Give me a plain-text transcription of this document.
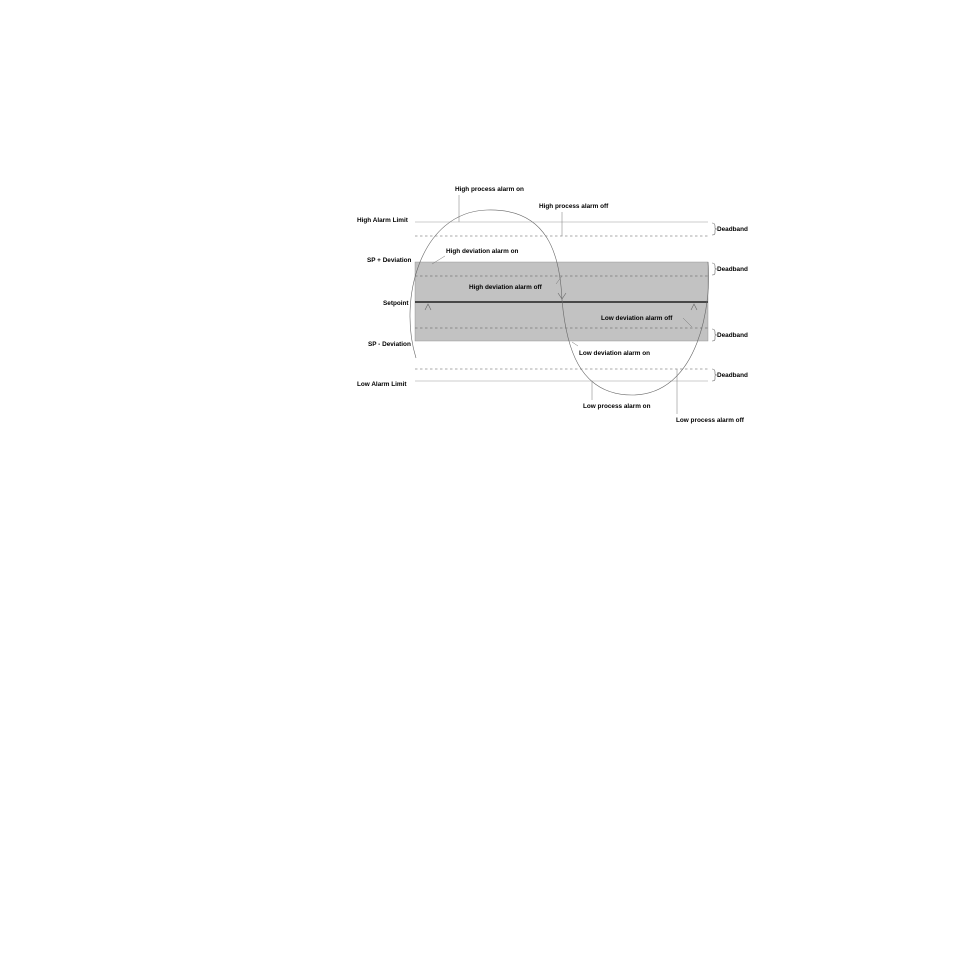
High Alarm Limit
SP + Deviation
Setpoint
SP - Deviation
Low Alarm Limit
High process alarm on
High process alarm off
High deviation alarm on
High deviation alarm off
Low deviation alarm off
Low deviation alarm on
Low process alarm on
Low process alarm off
Deadband
Deadband
Deadband
Deadband
